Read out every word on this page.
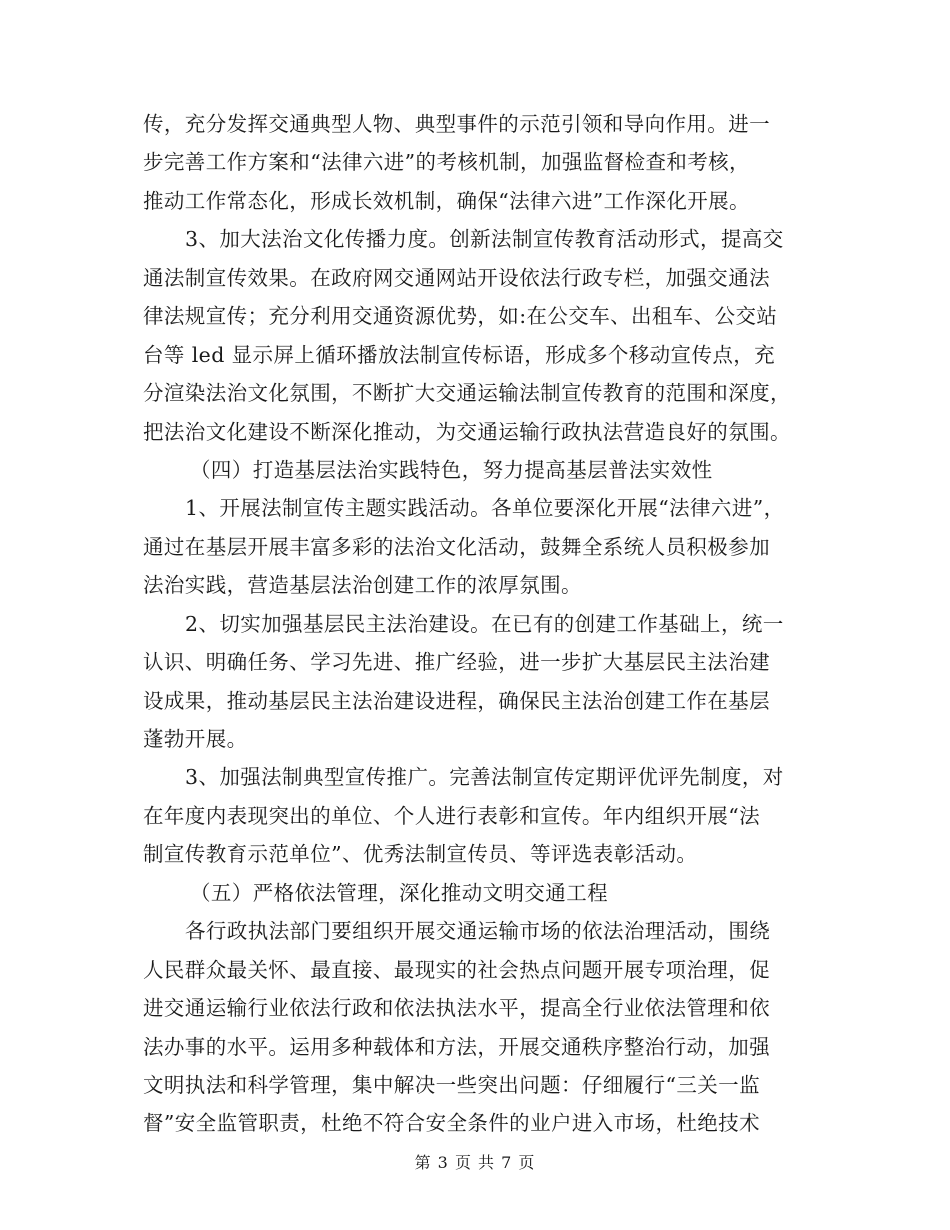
传，充分发挥交通典型人物、典型事件的示范引领和导向作用。进一
步完善工作方案和“法律六进”的考核机制，加强监督检查和考核，
推动工作常态化，形成长效机制，确保“法律六进”工作深化开展。
3、加大法治文化传播力度。创新法制宣传教育活动形式，提高交
通法制宣传效果。在政府网交通网站开设依法行政专栏，加强交通法
律法规宣传；充分利用交通资源优势，如:在公交车、出租车、公交站
台等 led 显示屏上循环播放法制宣传标语，形成多个移动宣传点，充
分渲染法治文化氛围，不断扩大交通运输法制宣传教育的范围和深度，
把法治文化建设不断深化推动，为交通运输行政执法营造良好的氛围。
（四）打造基层法治实践特色，努力提高基层普法实效性
1、开展法制宣传主题实践活动。各单位要深化开展“法律六进”，
通过在基层开展丰富多彩的法治文化活动，鼓舞全系统人员积极参加
法治实践，营造基层法治创建工作的浓厚氛围。
2、切实加强基层民主法治建设。在已有的创建工作基础上，统一
认识、明确任务、学习先进、推广经验，进一步扩大基层民主法治建
设成果，推动基层民主法治建设进程，确保民主法治创建工作在基层
蓬勃开展。
3、加强法制典型宣传推广。完善法制宣传定期评优评先制度，对
在年度内表现突出的单位、个人进行表彰和宣传。年内组织开展“法
制宣传教育示范单位”、优秀法制宣传员、等评选表彰活动。
（五）严格依法管理，深化推动文明交通工程
各行政执法部门要组织开展交通运输市场的依法治理活动，围绕
人民群众最关怀、最直接、最现实的社会热点问题开展专项治理，促
进交通运输行业依法行政和依法执法水平，提高全行业依法管理和依
法办事的水平。运用多种载体和方法，开展交通秩序整治行动，加强
文明执法和科学管理，集中解决一些突出问题：仔细履行“三关一监
督”安全监管职责，杜绝不符合安全条件的业户进入市场，杜绝技术
第 3 页 共 7 页
